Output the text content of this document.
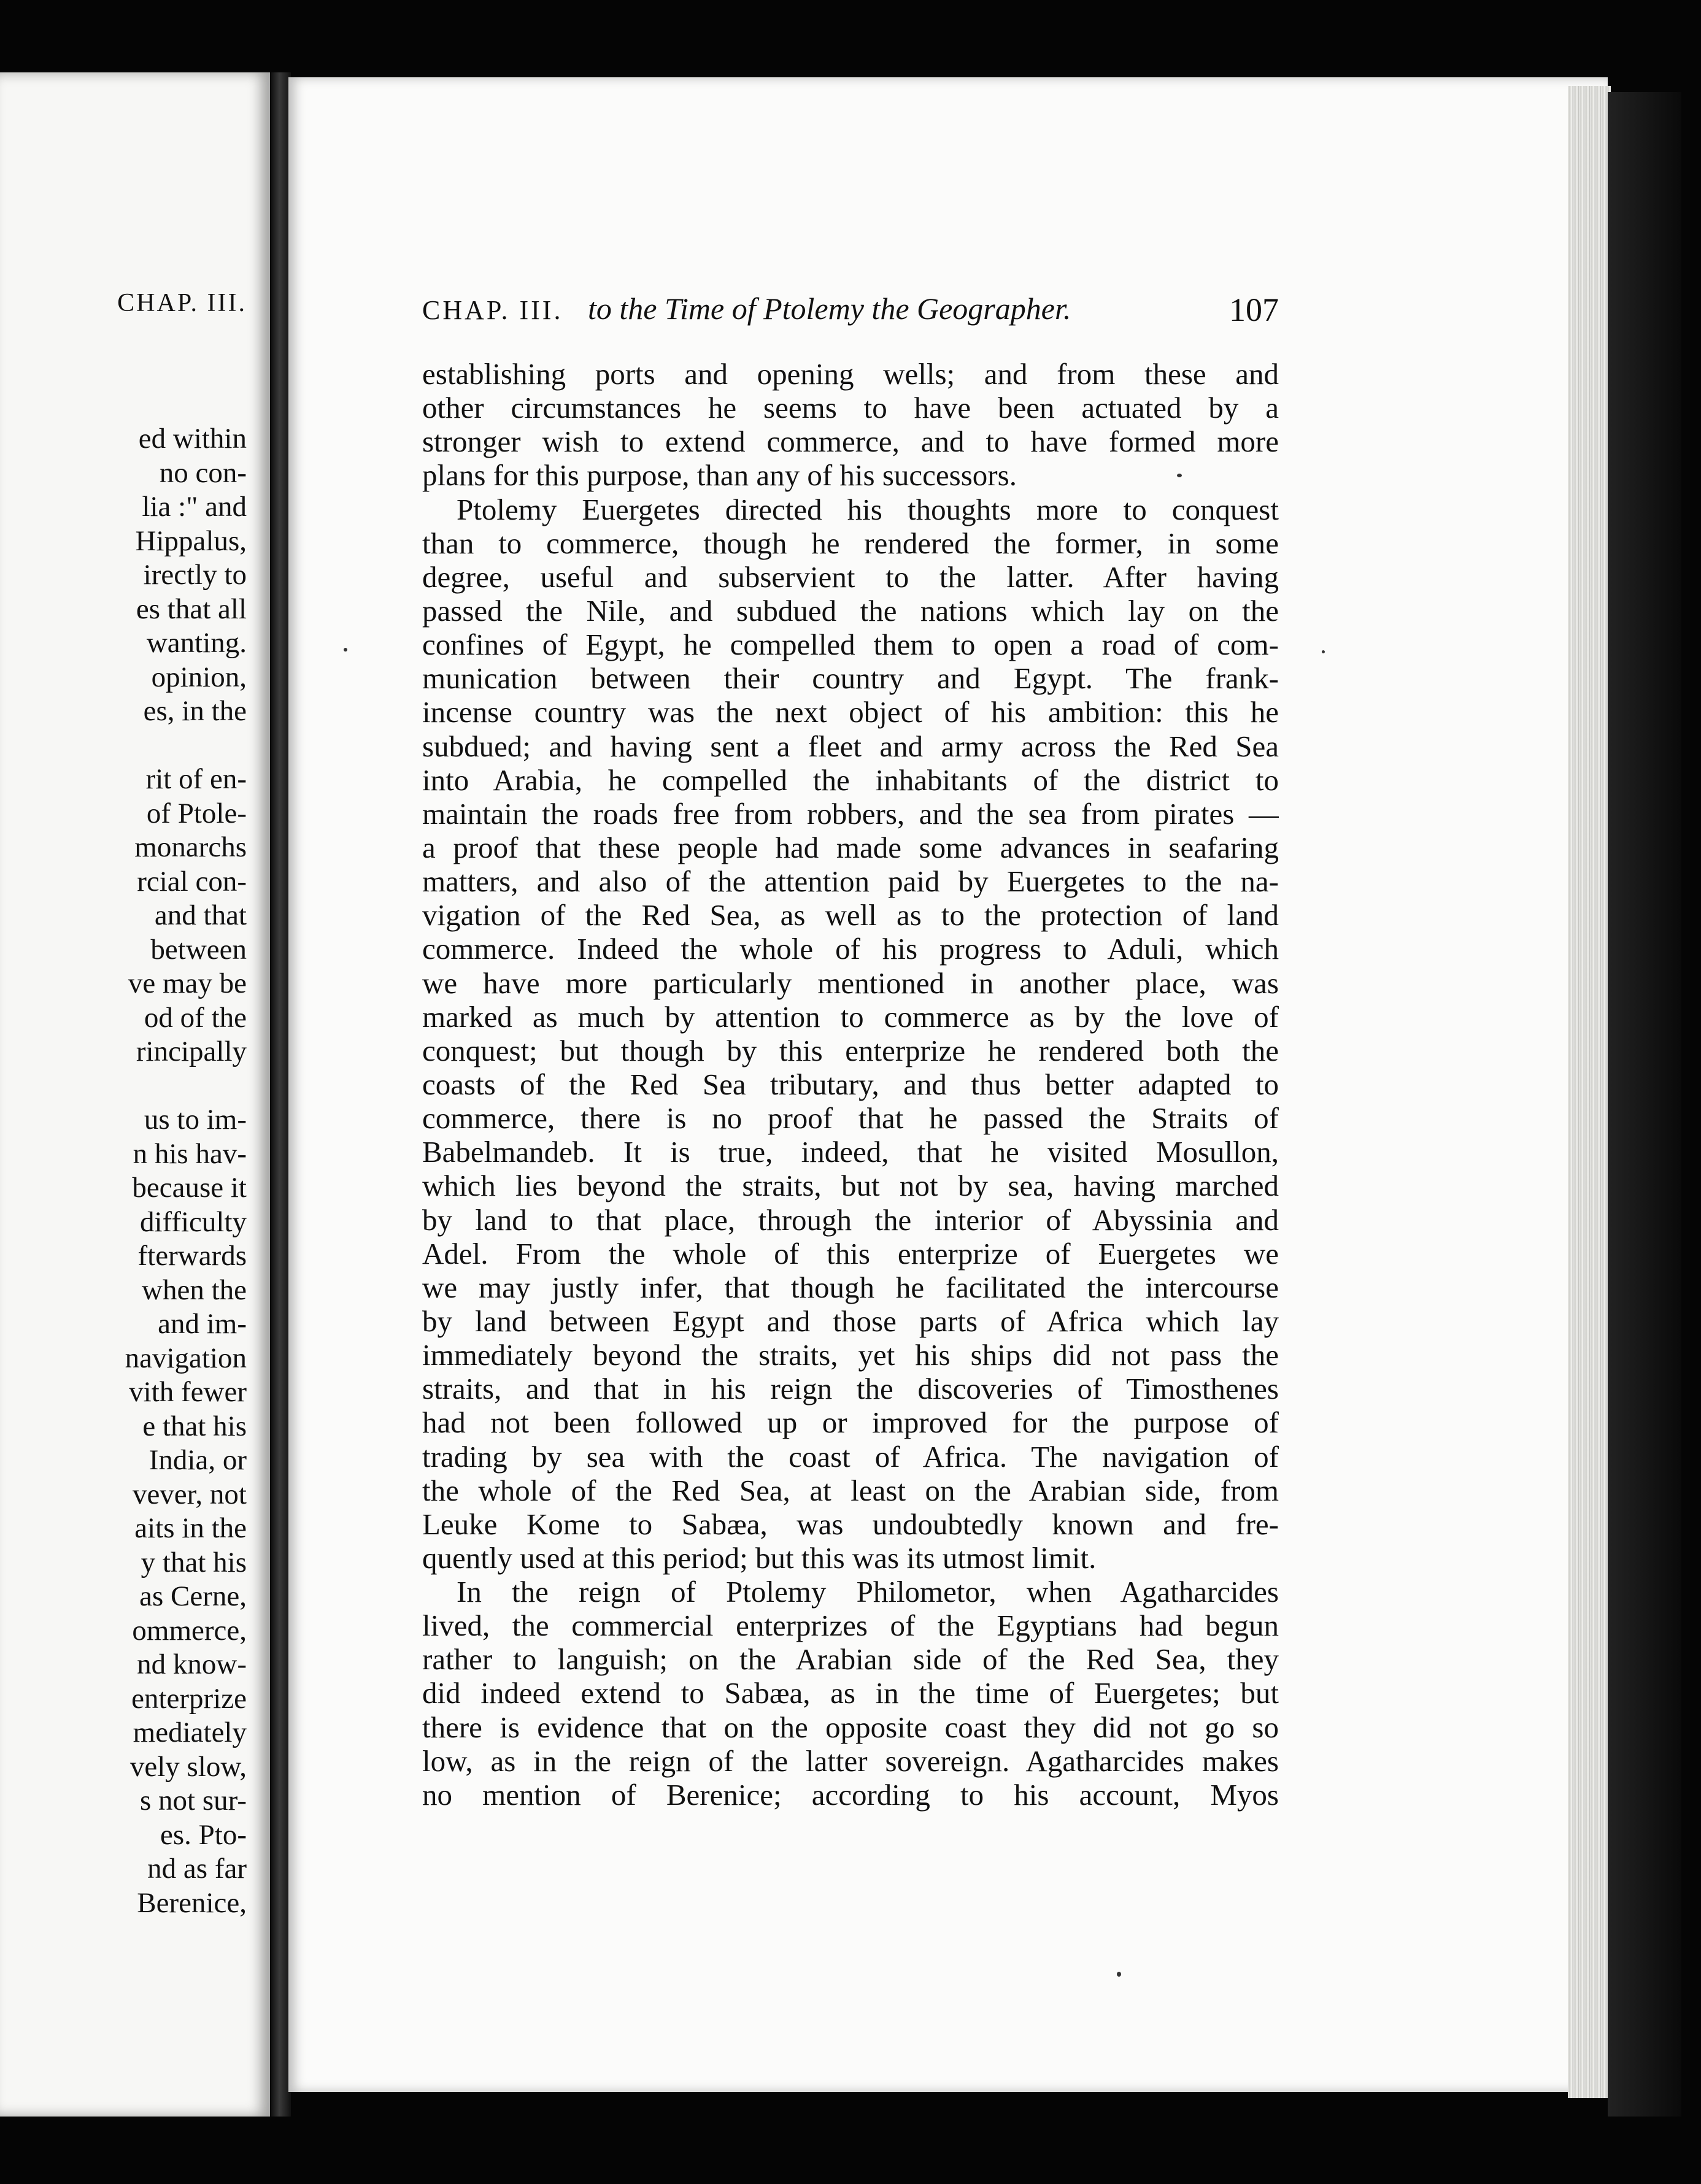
CHAP. III.
ed within
no con-
lia :" and
Hippalus,
irectly to
es that all
wanting.
opinion,
es, in the
rit of en-
of Ptole-
monarchs
rcial con-
and that
between
ve may be
od of the
rincipally
us to im-
n his hav-
because it
difficulty
fterwards
when the
and im-
navigation
vith fewer
e that his
India, or
vever, not
aits in the
y that his
as Cerne,
ommerce,
nd know-
enterprize
mediately
vely slow,
s not sur-
es. Pto-
nd as far
Berenice,
CHAP. III. to the Time of Ptolemy the Geographer.	107
establishing ports and opening wells; and from these and
other circumstances he seems to have been actuated by a
stronger wish to extend commerce, and to have formed more
plans for this purpose, than any of his successors.
Ptolemy Euergetes directed his thoughts more to conquest
than to commerce, though he rendered the former, in some
degree, useful and subservient to the latter. After having
passed the Nile, and subdued the nations which lay on the
confines of Egypt, he compelled them to open a road of com-
munication between their country and Egypt. The frank-
incense country was the next object of his ambition: this he
subdued; and having sent a fleet and army across the Red Sea
into Arabia, he compelled the inhabitants of the district to
maintain the roads free from robbers, and the sea from pirates —
a proof that these people had made some advances in seafaring
matters, and also of the attention paid by Euergetes to the na-
vigation of the Red Sea, as well as to the protection of land
commerce. Indeed the whole of his progress to Aduli, which
we have more particularly mentioned in another place, was
marked as much by attention to commerce as by the love of
conquest; but though by this enterprize he rendered both the
coasts of the Red Sea tributary, and thus better adapted to
commerce, there is no proof that he passed the Straits of
Babelmandeb. It is true, indeed, that he visited Mosullon,
which lies beyond the straits, but not by sea, having marched
by land to that place, through the interior of Abyssinia and
Adel. From the whole of this enterprize of Euergetes we
we may justly infer, that though he facilitated the intercourse
by land between Egypt and those parts of Africa which lay
immediately beyond the straits, yet his ships did not pass the
straits, and that in his reign the discoveries of Timosthenes
had not been followed up or improved for the purpose of
trading by sea with the coast of Africa. The navigation of
the whole of the Red Sea, at least on the Arabian side, from
Leuke Kome to Sabæa, was undoubtedly known and fre-
quently used at this period; but this was its utmost limit.
In the reign of Ptolemy Philometor, when Agatharcides
lived, the commercial enterprizes of the Egyptians had begun
rather to languish; on the Arabian side of the Red Sea, they
did indeed extend to Sabæa, as in the time of Euergetes; but
there is evidence that on the opposite coast they did not go so
low, as in the reign of the latter sovereign. Agatharcides makes
no mention of Berenice; according to his account, Myos
